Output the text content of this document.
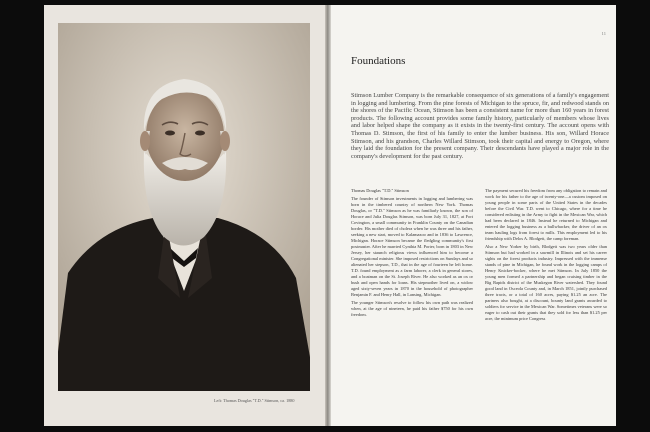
Left: Thomas Douglas "T.D." Stimson, ca. 1880
11
Foundations
Stimson Lumber Company is the remarkable consequence of six generations of a family's engagement in logging and lumbering. From the pine forests of Michigan to the spruce, fir, and redwood stands on the shores of the Pacific Ocean, Stimson has been a consistent name for more than 160 years in forest products. The following account provides some family history, particularly of members whose lives and labor helped shape the company as it exists in the twenty-first century. The account opens with Thomas D. Stimson, the first of his family to enter the lumber business. His son, Willard Horace Stimson, and his grandson, Charles Willard Stimson, took their capital and energy to Oregon, where they laid the foundation for the present company. Their descendants have played a major role in the company's development for the past century.

Thomas Douglas "T.D." Stimson

The founder of Stimson investments in logging and lumbering was born in the timbered country of northern New York. Thomas Douglas, or "T.D." Stimson as he was familiarly known, the son of Horace and Julia Douglas Stimson, was born July 31, 1827, at Fort Covington, a small community in Franklin County on the Canadian border. His mother died of cholera when he was three and his father, seeking a new start, moved to Kalamazoo and in 1836 to Lawrence, Michigan. Horace Stimson became the fledgling community's first postmaster. After he married Cynthia M. Porter, born in 1803 in New Jersey, her staunch religious views influenced him to become a Congregational minister. She imposed restrictions on Sundays and so alienated her stepson, T.D., that in the age of fourteen he left home. T.D. found employment as a farm laborer, a clerk in general stores, and a boatman on the St. Joseph River. He also worked as an ox or bush and open hands for loans. His stepmother lived on, a widow aged sixty-seven years in 1870 in the household of photographer Benjamin F. and Henry Hall, in Lansing, Michigan.

The younger Stimson's resolve to follow his own path was realized when, at the age of nineteen, he paid his father $750 for his own freedom.

The payment secured his freedom from any obligation to remain and work for his father to the age of twenty-one—a custom imposed on young people in some parts of the United States in the decades before the Civil War. T.D. went to Chicago, where for a time he considered enlisting in the Army to fight in the Mexican War, which had been declared in 1846. Instead he returned to Michigan and entered the logging business as a bullwhacker, the driver of an ox team hauling logs from forest to mills. This employment led to his friendship with Delos A. Blodgett, the camp foreman.

Also a New Yorker by birth, Blodgett was two years older than Stimson but had worked in a sawmill in Illinois and set his career sights on the forest products industry. Impressed with the immense stands of pine in Michigan, he found work in the logging camps of Henry Knicker-bocker, where he met Stimson. In July 1850 the young men formed a partnership and began cruising timber in the Big Rapids district of the Muskegon River watershed. They found good land in Osceola County and, in March 1851, jointly purchased three tracts, or a total of 160 acres, paying $1.25 an acre. The partners also bought, at a discount, bounty land grants awarded to soldiers for service in the Mexican War. Sometimes veterans were so eager to cash out their grants that they sold for less than $1.25 per acre, the minimum price Congress
